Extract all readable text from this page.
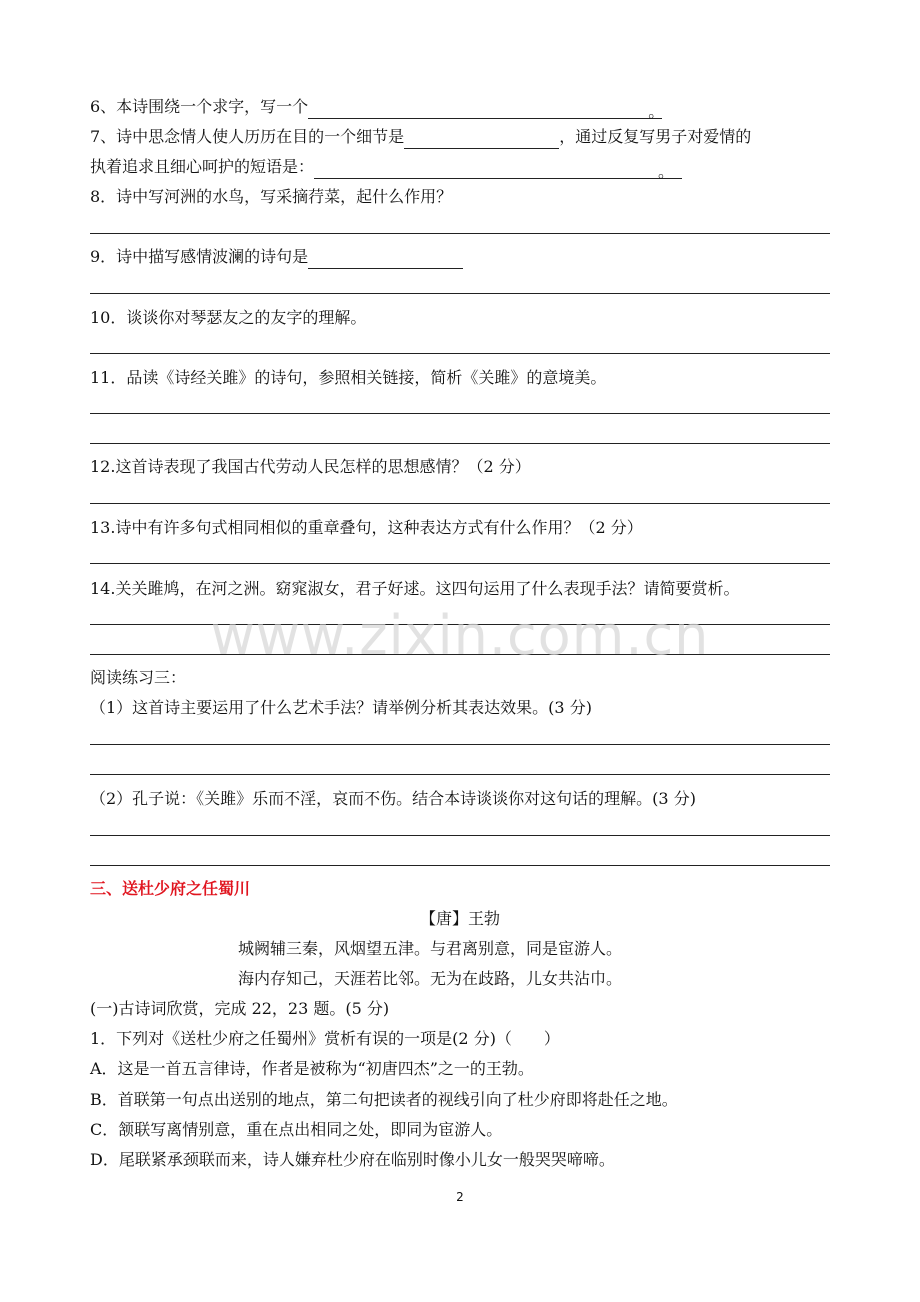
6、本诗围绕一个求字，写一个	。
7、诗中思念情人使人历历在目的一个细节是	，通过反复写男子对爱情的
执着追求且细心呵护的短语是：	。
8．诗中写河洲的水鸟，写采摘荇菜，起什么作用？
9．诗中描写感情波澜的诗句是
10．谈谈你对琴瑟友之的友字的理解。
11．品读《诗经关雎》的诗句，参照相关链接，简析《关雎》的意境美。
12.这首诗表现了我国古代劳动人民怎样的思想感情？（2 分）
13.诗中有许多句式相同相似的重章叠句，这种表达方式有什么作用？（2 分）
14.关关雎鸠，在河之洲。窈窕淑女，君子好逑。这四句运用了什么表现手法？请简要赏析。
阅读练习三：
（1）这首诗主要运用了什么艺术手法？请举例分析其表达效果。(3 分)
（2）孔子说：《关雎》乐而不淫，哀而不伤。结合本诗谈谈你对这句话的理解。(3 分)
三、送杜少府之任蜀川
【唐】王勃
城阙辅三秦，风烟望五津。与君离别意，同是宦游人。
海内存知己，天涯若比邻。无为在歧路，儿女共沾巾。
(一)古诗词欣赏，完成 22，23 题。(5 分)
1．下列对《送杜少府之任蜀州》赏析有误的一项是(2 分)（　　）
A．这是一首五言律诗，作者是被称为“初唐四杰”之一的王勃。
B．首联第一句点出送别的地点，第二句把读者的视线引向了杜少府即将赴任之地。
C．颔联写离情别意，重在点出相同之处，即同为宦游人。
D．尾联紧承颈联而来，诗人嫌弃杜少府在临别时像小儿女一般哭哭啼啼。
www.zixin.com.cn
2
